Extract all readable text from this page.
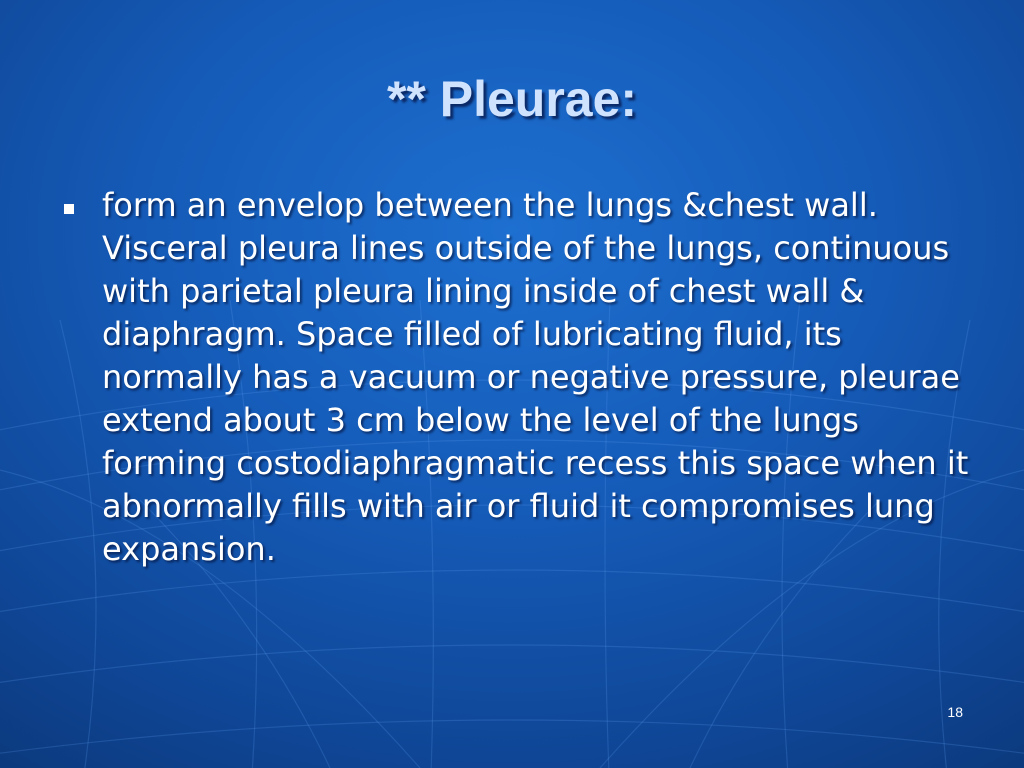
** Pleurae:
form an envelop between the lungs &chest wall. Visceral pleura lines outside of the lungs, continuous with parietal pleura lining inside of chest wall & diaphragm. Space filled of lubricating fluid, its normally has a vacuum or negative pressure, pleurae extend about 3 cm below the level of the lungs forming costodiaphragmatic recess this space when it abnormally fills with air or fluid it compromises lung expansion.
18
